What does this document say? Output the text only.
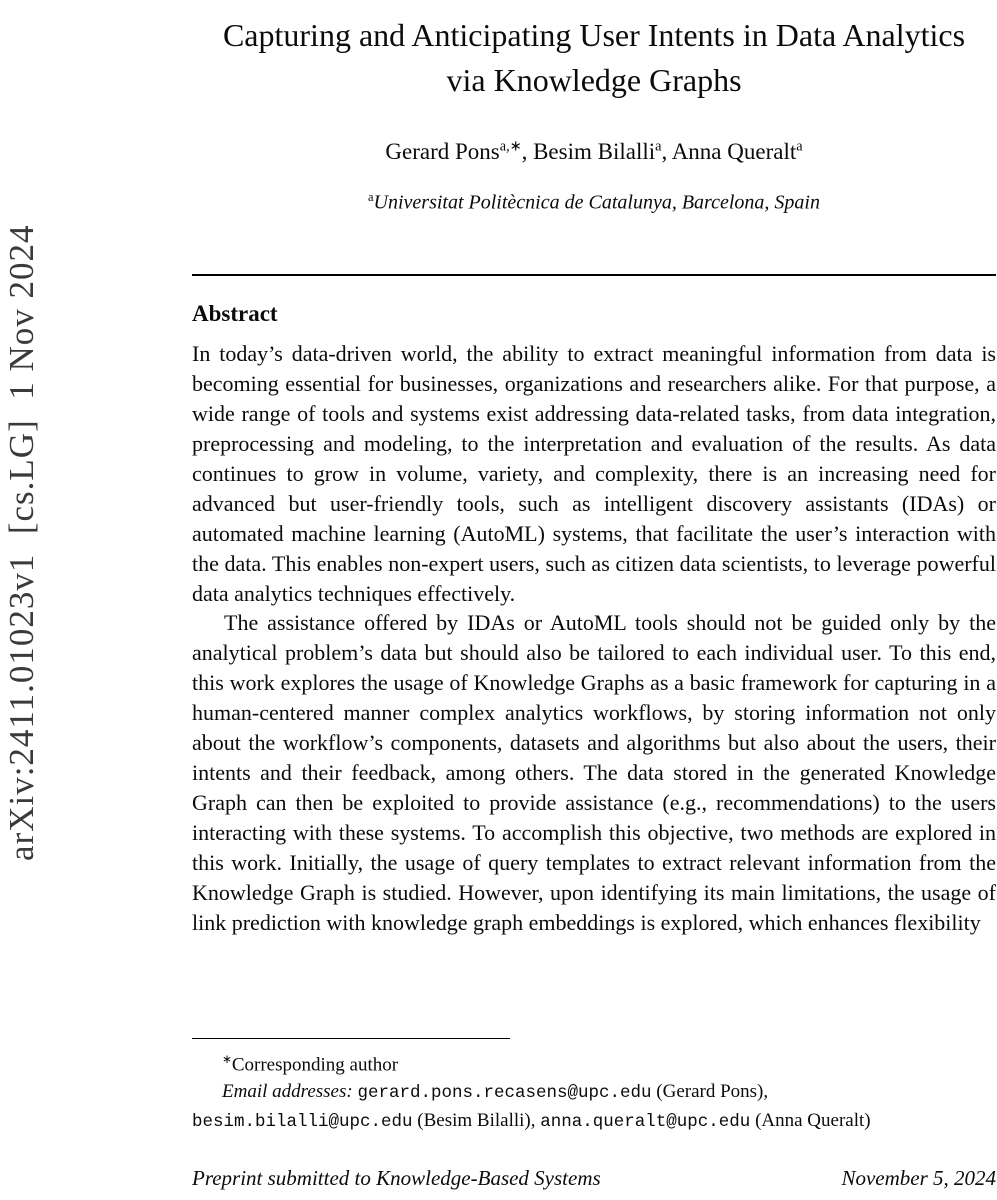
arXiv:2411.01023v1  [cs.LG]  1 Nov 2024
Capturing and Anticipating User Intents in Data Analytics via Knowledge Graphs
Gerard Pons$^{a,∗}$, Besim Bilalli$^a$, Anna Queralt$^a$
$^a$Universitat Politècnica de Catalunya, Barcelona, Spain
Abstract

In today’s data-driven world, the ability to extract meaningful information from data is becoming essential for businesses, organizations and researchers alike. For that purpose, a wide range of tools and systems exist addressing data-related tasks, from data integration, preprocessing and modeling, to the interpretation and evaluation of the results. As data continues to grow in volume, variety, and complexity, there is an increasing need for advanced but user-friendly tools, such as intelligent discovery assistants (IDAs) or automated machine learning (AutoML) systems, that facilitate the user’s interaction with the data. This enables non-expert users, such as citizen data scientists, to leverage powerful data analytics techniques effectively.

The assistance offered by IDAs or AutoML tools should not be guided only by the analytical problem’s data but should also be tailored to each individual user. To this end, this work explores the usage of Knowledge Graphs as a basic framework for capturing in a human-centered manner complex analytics workflows, by storing information not only about the workflow’s components, datasets and algorithms but also about the users, their intents and their feedback, among others. The data stored in the generated Knowledge Graph can then be exploited to provide assistance (e.g., recommendations) to the users interacting with these systems. To accomplish this objective, two methods are explored in this work. Initially, the usage of query templates to extract relevant information from the Knowledge Graph is studied. However, upon identifying its main limitations, the usage of link prediction with knowledge graph embeddings is explored, which enhances flexibility

∗Corresponding author
Email addresses: gerard.pons.recasens@upc.edu (Gerard Pons),
besim.bilalli@upc.edu (Besim Bilalli), anna.queralt@upc.edu (Anna Queralt)
Preprint submitted to Knowledge-Based Systems	November 5, 2024
